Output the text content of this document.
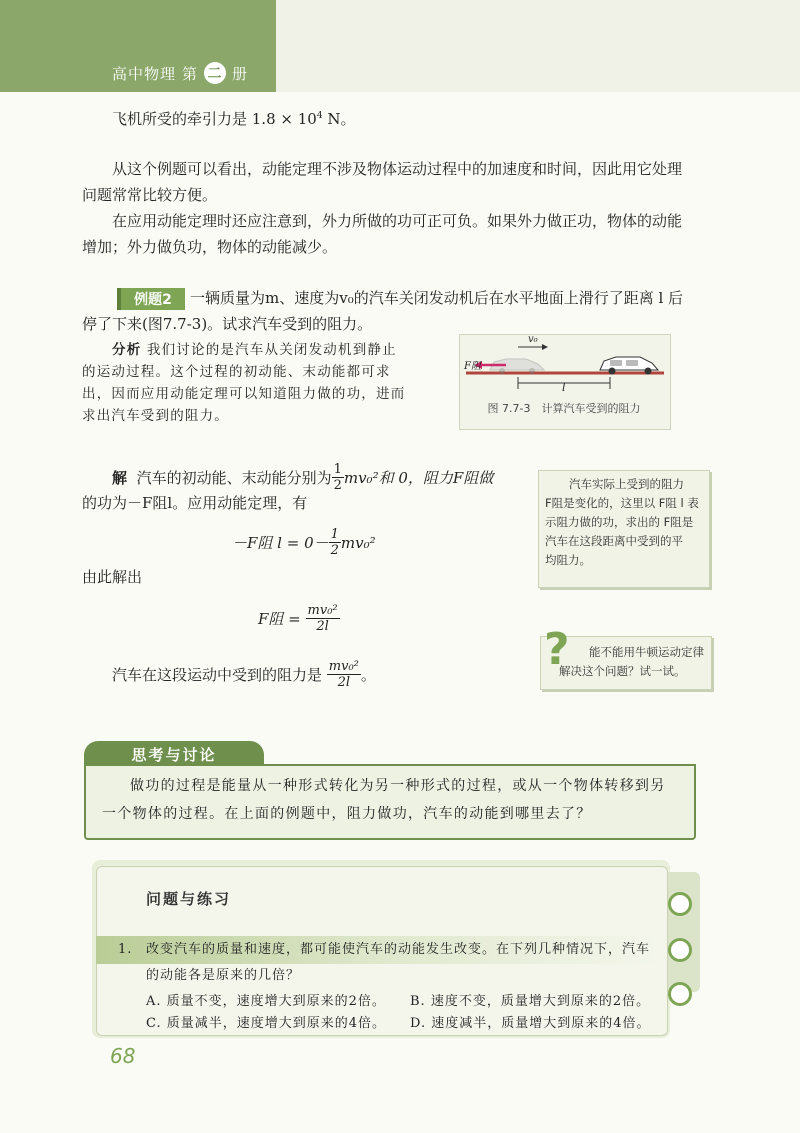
高中物理 第 二 册
飞机所受的牵引力是 $1.8 \times 10^4$ N。
从这个例题可以看出，动能定理不涉及物体运动过程中的加速度和时间，因此用它处理
问题常常比较方便。
在应用动能定理时还应注意到，外力所做的功可正可负。如果外力做正功，物体的动能
增加；外力做负功，物体的动能减少。
例题2	一辆质量为m、速度为v₀的汽车关闭发动机后在水平地面上滑行了距离 l 后
停了下来(图7.7-3)。试求汽车受到的阻力。
分析 我们讨论的是汽车从关闭发动机到静止
的运动过程。这个过程的初动能、末动能都可求
出，因而应用动能定理可以知道阻力做的功，进而
求出汽车受到的阻力。
v₀
F阻
l
图 7.7-3　计算汽车受到的阻力
解
汽车的初动能、末动能分别为 $\frac{1}{2} mv_0^2$和 0，阻力F阻做
的功为－F阻l。应用动能定理，有
－F阻 $l = 0- \frac{1}{2} mv_0^2$
由此解出
F阻 =
$\frac{\text{mv₀²}}{2l}$
汽车在这段运动中受到的阻力是
$\frac{\text{mv₀²}}{2l}$ 。
汽车实际上受到的阻力
F阻是变化的，这里以 F阻 l 表
示阻力做的功，求出的 F阻是
汽车在这段距离中受到的平
均阻力。
能不能用牛顿运动定律
解决这个问题？试一试。
?
思考与讨论
做功的过程是能量从一种形式转化为另一种形式的过程，或从一个物体转移到另
一个物体的过程。在上面的例题中，阻力做功，汽车的动能到哪里去了？
问题与练习
1. 改变汽车的质量和速度，都可能使汽车的动能发生改变。在下列几种情况下，汽车
的动能各是原来的几倍？
A. 质量不变，速度增大到原来的2倍。 B. 速度不变，质量增大到原来的2倍。
C. 质量减半，速度增大到原来的4倍。 D. 速度减半，质量增大到原来的4倍。
68
